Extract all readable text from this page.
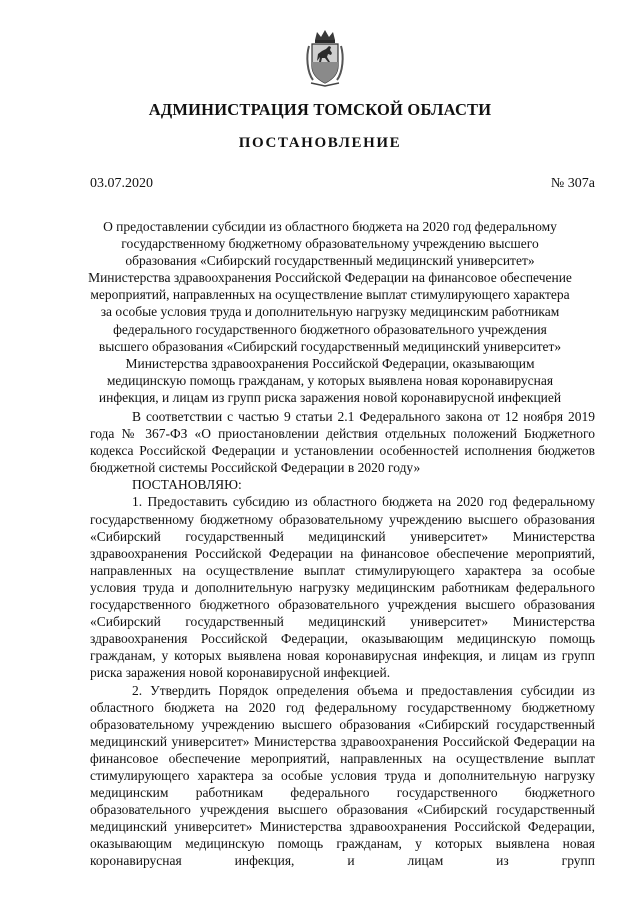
АДМИНИСТРАЦИЯ ТОМСКОЙ ОБЛАСТИ
ПОСТАНОВЛЕНИЕ
03.07.2020	№ 307а
О предоставлении субсидии из областного бюджета на 2020 год федеральному государственному бюджетному образовательному учреждению высшего образования «Сибирский государственный медицинский университет» Министерства здравоохранения Российской Федерации на финансовое обеспечение мероприятий, направленных на осуществление выплат стимулирующего характера за особые условия труда и дополнительную нагрузку медицинским работникам федерального государственного бюджетного образовательного учреждения высшего образования «Сибирский государственный медицинский университет» Министерства здравоохранения Российской Федерации, оказывающим медицинскую помощь гражданам, у которых выявлена новая коронавирусная инфекция, и лицам из групп риска заражения новой коронавирусной инфекцией

В соответствии с частью 9 статьи 2.1 Федерального закона от 12 ноября 2019 года № 367-ФЗ «О приостановлении действия отдельных положений Бюджетного кодекса Российской Федерации и установлении особенностей исполнения бюджетов бюджетной системы Российской Федерации в 2020 году»

ПОСТАНОВЛЯЮ:

1. Предоставить субсидию из областного бюджета на 2020 год федеральному государственному бюджетному образовательному учреждению высшего образования «Сибирский государственный медицинский университет» Министерства здравоохранения Российской Федерации на финансовое обеспечение мероприятий, направленных на осуществление выплат стимулирующего характера за особые условия труда и дополнительную нагрузку медицинским работникам федерального государственного бюджетного образовательного учреждения высшего образования «Сибирский государственный медицинский университет» Министерства здравоохранения Российской Федерации, оказывающим медицинскую помощь гражданам, у которых выявлена новая коронавирусная инфекция, и лицам из групп риска заражения новой коронавирусной инфекцией.

2. Утвердить Порядок определения объема и предоставления субсидии из областного бюджета на 2020 год федеральному государственному бюджетному образовательному учреждению высшего образования «Сибирский государственный медицинский университет» Министерства здравоохранения Российской Федерации на финансовое обеспечение мероприятий, направленных на осуществление выплат стимулирующего характера за особые условия труда и дополнительную нагрузку медицинским работникам федерального государственного бюджетного образовательного учреждения высшего образования «Сибирский государственный медицинский университет» Министерства здравоохранения Российской Федерации, оказывающим медицинскую помощь гражданам, у которых выявлена новая коронавирусная инфекция, и лицам из групп
